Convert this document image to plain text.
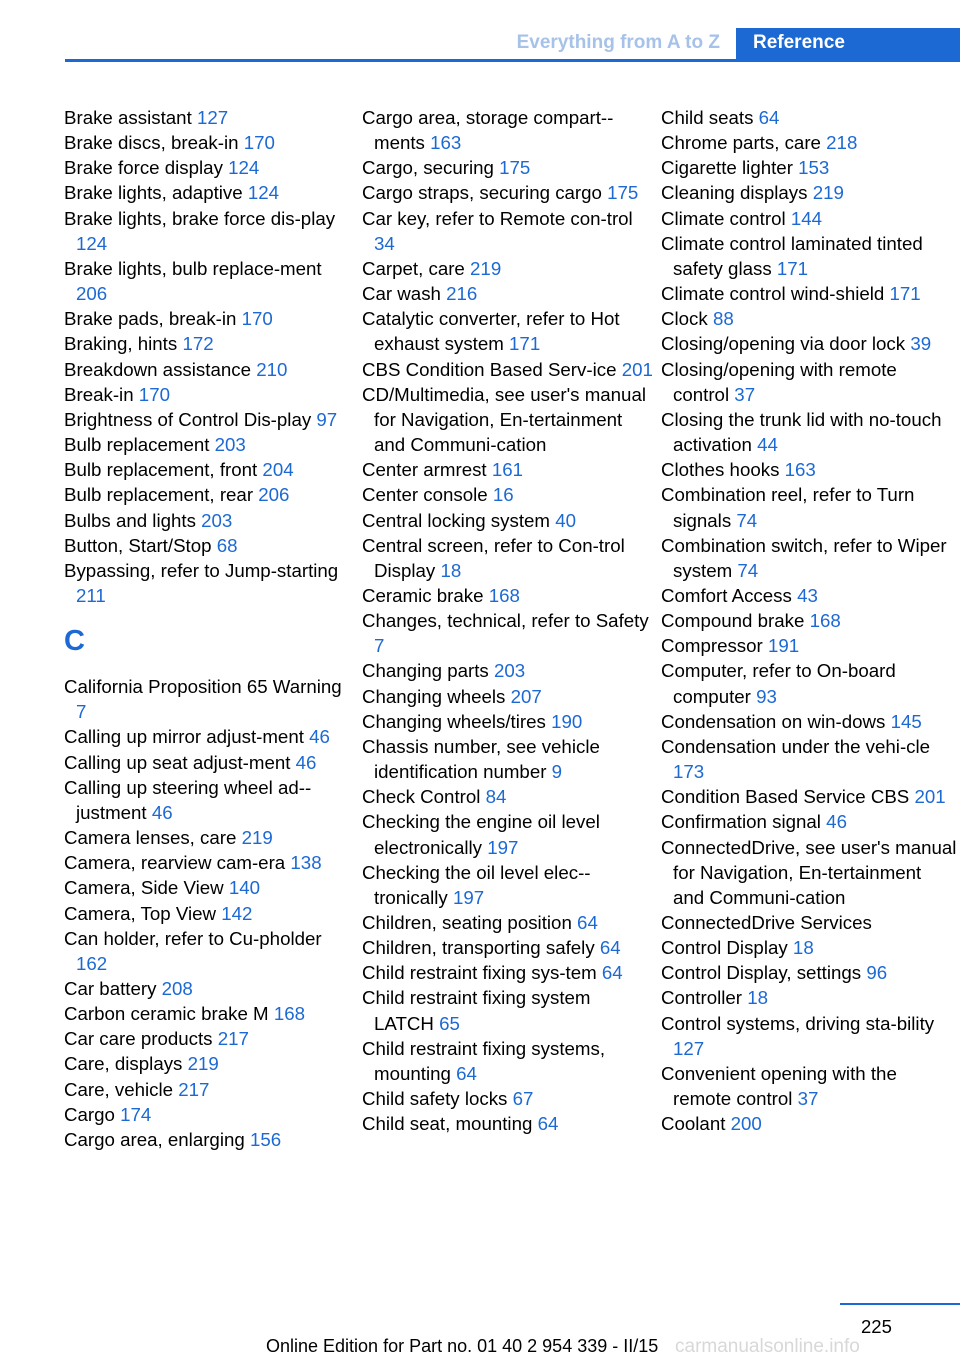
Everything from A to Z Reference
Brake assistant 127
Brake discs, break-in 170
Brake force display 124
Brake lights, adaptive 124
Brake lights, brake force dis-play 124
Brake lights, bulb replace-ment 206
Brake pads, break-in 170
Braking, hints 172
Breakdown assistance 210
Break-in 170
Brightness of Control Dis-play 97
Bulb replacement 203
Bulb replacement, front 204
Bulb replacement, rear 206
Bulbs and lights 203
Button, Start/Stop 68
Bypassing, refer to Jump-starting 211
C
California Proposition 65 Warning 7
Calling up mirror adjust-ment 46
Calling up seat adjust-ment 46
Calling up steering wheel ad-justment 46
Camera lenses, care 219
Camera, rearview cam-era 138
Camera, Side View 140
Camera, Top View 142
Can holder, refer to Cu-pholder 162
Car battery 208
Carbon ceramic brake M 168
Car care products 217
Care, displays 219
Care, vehicle 217
Cargo 174
Cargo area, enlarging 156
Cargo area, storage compart-ments 163
Cargo, securing 175
Cargo straps, securing cargo 175
Car key, refer to Remote con-trol 34
Carpet, care 219
Car wash 216
Catalytic converter, refer to Hot exhaust system 171
CBS Condition Based Serv-ice 201
CD/Multimedia, see user's manual for Navigation, En-tertainment and Communi-cation
Center armrest 161
Center console 16
Central locking system 40
Central screen, refer to Con-trol Display 18
Ceramic brake 168
Changes, technical, refer to Safety 7
Changing parts 203
Changing wheels 207
Changing wheels/tires 190
Chassis number, see vehicle identification number 9
Check Control 84
Checking the engine oil level electronically 197
Checking the oil level elec-tronically 197
Children, seating position 64
Children, transporting safely 64
Child restraint fixing sys-tem 64
Child restraint fixing system LATCH 65
Child restraint fixing systems, mounting 64
Child safety locks 67
Child seat, mounting 64
Child seats 64
Chrome parts, care 218
Cigarette lighter 153
Cleaning displays 219
Climate control 144
Climate control laminated tinted safety glass 171
Climate control wind-shield 171
Clock 88
Closing/opening via door lock 39
Closing/opening with remote control 37
Closing the trunk lid with no-touch activation 44
Clothes hooks 163
Combination reel, refer to Turn signals 74
Combination switch, refer to Wiper system 74
Comfort Access 43
Compound brake 168
Compressor 191
Computer, refer to On-board computer 93
Condensation on win-dows 145
Condensation under the vehi-cle 173
Condition Based Service CBS 201
Confirmation signal 46
ConnectedDrive, see user's manual for Navigation, En-tertainment and Communi-cation
ConnectedDrive Services
Control Display 18
Control Display, settings 96
Controller 18
Control systems, driving sta-bility 127
Convenient opening with the remote control 37
Coolant 200
225
carmanualsonline.info
Online Edition for Part no. 01 40 2 954 339 - II/15
